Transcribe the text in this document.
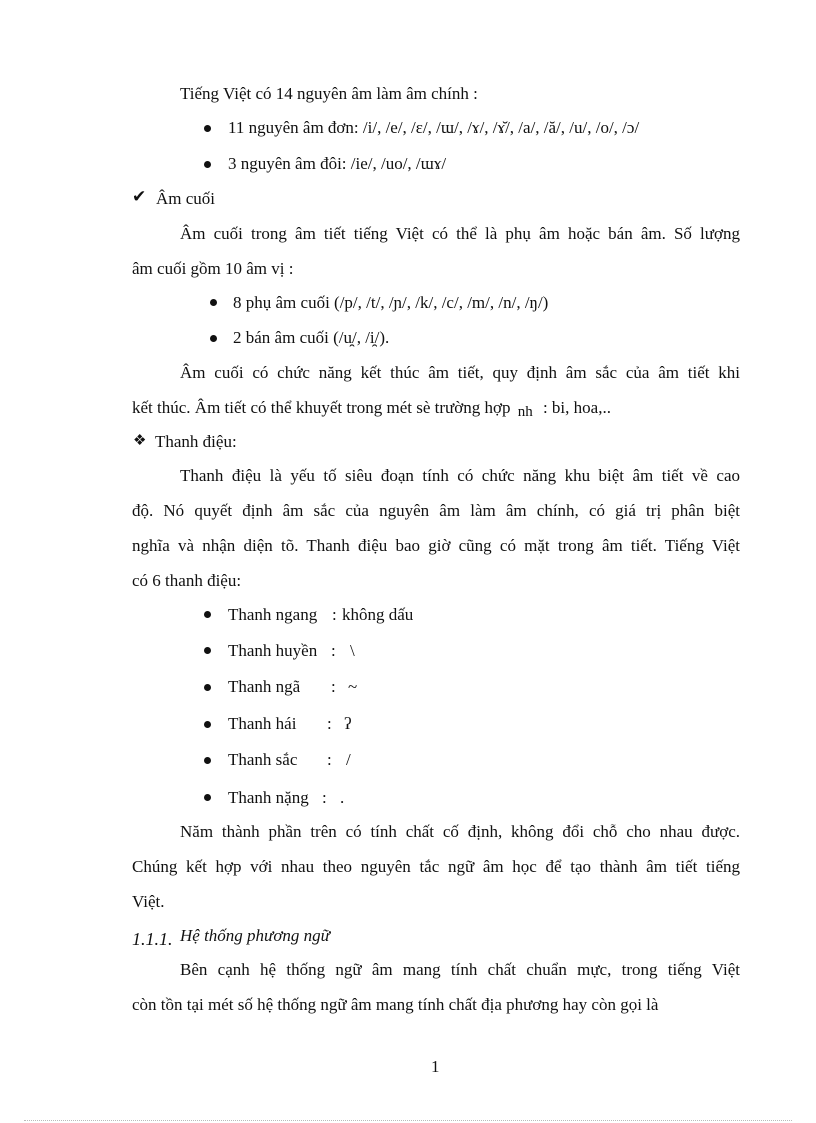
Tiếng Việt có 14 nguyên âm làm âm chính :
11 nguyên âm đơn: /i/, /e/, /ɛ/, /ɯ/, /ɤ/, /ɤ̆/, /a/, /ă/, /u/, /o/, /ɔ/
3 nguyên âm đôi: /ie/, /uo/, /ɯɤ/
✔ Âm cuối
Âm cuối trong âm tiết tiếng Việt có thể là phụ âm hoặc bán âm. Số lượng
âm cuối gồm 10 âm vị :
8 phụ âm cuối (/p/, /t/, /ɲ/, /k/, /c/, /m/, /n/, /ŋ/)
2 bán âm cuối (/u̯/, /i̯/).
Âm cuối có chức năng kết thúc âm tiết, quy định âm sắc của âm tiết khi
kết thúc. Âm tiết có thể khuyết trong mét sè trường hợp nh : bi, hoa,..
❖ Thanh điệu:
Thanh điệu là yếu tố siêu đoạn tính có chức năng khu biệt âm tiết về cao
độ. Nó quyết định âm sắc của nguyên âm làm âm chính, có giá trị phân biệt
nghĩa và nhận diện tõ. Thanh điệu bao giờ cũng có mặt trong âm tiết. Tiếng Việt
có 6 thanh điệu:
Thanh ngang : không dấu
Thanh huyền : \
Thanh ngã : ~
Thanh hái : ʔ
Thanh sắc : /
Thanh nặng : .
Năm thành phần trên có tính chất cố định, không đổi chỗ cho nhau được.
Chúng kết hợp với nhau theo nguyên tắc ngữ âm học để tạo thành âm tiết tiếng
Việt.
1.1.1. Hệ thống phương ngữ
Bên cạnh hệ thống ngữ âm mang tính chất chuẩn mực, trong tiếng Việt
còn tồn tại mét số hệ thống ngữ âm mang tính chất địa phương hay còn gọi là
1
